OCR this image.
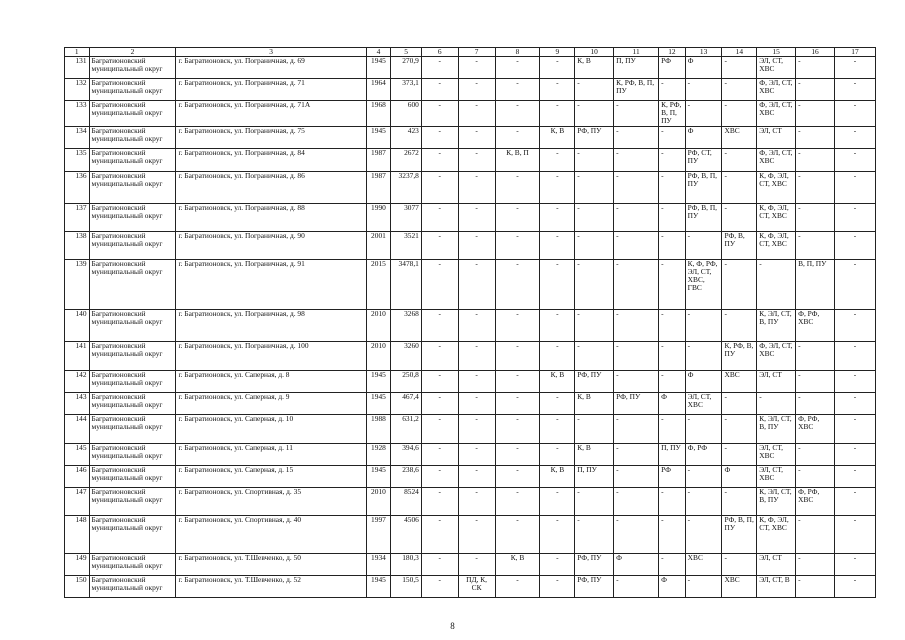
1	2	3	4	5	6	7	8	9	10	11	12	13	14	15	16	17
131	Багратионовский муниципальный округ	г. Багратионовск, ул. Пограничная, д. 69	1945	270,9	-	-	-	-	К, В	П, ПУ	РФ	Ф	-	ЭЛ, СТ, ХВС	-	-
132	Багратионовский муниципальный округ	г. Багратионовск, ул. Пограничная, д. 71	1964	373,1	-	-	-	-	-	К, РФ, В, П, ПУ	-	-	-	Ф, ЭЛ, СТ, ХВС	-	-
133	Багратионовский муниципальный округ	г. Багратионовск, ул. Пограничная, д. 71А	1968	600	-	-	-	-	-	-	К, РФ, В, П, ПУ	-	-	Ф, ЭЛ, СТ, ХВС	-	-
134	Багратионовский муниципальный округ	г. Багратионовск, ул. Пограничная, д. 75	1945	423	-	-	-	К, В	РФ, ПУ	-	-	Ф	ХВС	ЭЛ, СТ	-	-
135	Багратионовский муниципальный округ	г. Багратионовск, ул. Пограничная, д. 84	1987	2672	-	-	К, В, П	-	-	-	-	РФ, СТ, ПУ	-	Ф, ЭЛ, СТ, ХВС	-	-
136	Багратионовский муниципальный округ	г. Багратионовск, ул. Пограничная, д. 86	1987	3237,8	-	-	-	-	-	-	-	РФ, В, П, ПУ	-	К, Ф, ЭЛ, СТ, ХВС	-	-
137	Багратионовский муниципальный округ	г. Багратионовск, ул. Пограничная, д. 88	1990	3077	-	-	-	-	-	-	-	РФ, В, П, ПУ	-	К, Ф, ЭЛ, СТ, ХВС	-	-
138	Багратионовский муниципальный округ	г. Багратионовск, ул. Пограничная, д. 90	2001	3521	-	-	-	-	-	-	-	-	РФ, В, ПУ	К, Ф, ЭЛ, СТ, ХВС	-	-
139	Багратионовский муниципальный округ	г. Багратионовск, ул. Пограничная, д. 91	2015	3478,1	-	-	-	-	-	-	-	К, Ф, РФ, ЭЛ, СТ, ХВС, ГВС	-	-	В, П, ПУ	-
140	Багратионовский муниципальный округ	г. Багратионовск, ул. Пограничная, д. 98	2010	3268	-	-	-	-	-	-	-	-	-	К, ЭЛ, СТ, В, ПУ	Ф, РФ, ХВС	-
141	Багратионовский муниципальный округ	г. Багратионовск, ул. Пограничная, д. 100	2010	3260	-	-	-	-	-	-	-	-	К, РФ, В, ПУ	Ф, ЭЛ, СТ, ХВС	-	-
142	Багратионовский муниципальный округ	г. Багратионовск, ул. Саперная, д. 8	1945	250,8	-	-	-	К, В	РФ, ПУ	-	-	Ф	ХВС	ЭЛ, СТ	-	-
143	Багратионовский муниципальный округ	г. Багратионовск, ул. Саперная, д. 9	1945	467,4	-	-	-	-	К, В	РФ, ПУ	Ф	ЭЛ, СТ, ХВС	-	-	-	-
144	Багратионовский муниципальный округ	г. Багратионовск, ул. Саперная, д. 10	1988	631,2	-	-	-	-	-	-	-	-	-	К, ЭЛ, СТ, В, ПУ	Ф, РФ, ХВС	-
145	Багратионовский муниципальный округ	г. Багратионовск, ул. Саперная, д. 11	1928	394,6	-	-	-	-	К, В	-	П, ПУ	Ф, РФ	-	ЭЛ, СТ, ХВС	-	-
146	Багратионовский муниципальный округ	г. Багратионовск, ул. Саперная, д. 15	1945	238,6	-	-	-	К, В	П, ПУ	-	РФ	-	Ф	ЭЛ, СТ, ХВС	-	-
147	Багратионовский муниципальный округ	г. Багратионовск, ул. Спортивная, д. 35	2010	8524	-	-	-	-	-	-	-	-	-	К, ЭЛ, СТ, В, ПУ	Ф, РФ, ХВС	-
148	Багратионовский муниципальный округ	г. Багратионовск, ул. Спортивная, д. 40	1997	4506	-	-	-	-	-	-	-	-	РФ, В, П, ПУ	К, Ф, ЭЛ, СТ, ХВС	-	-
149	Багратионовский муниципальный округ	г. Багратионовск, ул. Т.Шевченко, д. 50	1934	180,3	-	-	К, В	-	РФ, ПУ	Ф	-	ХВС	-	ЭЛ, СТ	-	-
150	Багратионовский муниципальный округ	г. Багратионовск, ул. Т.Шевченко, д. 52	1945	150,5	-	ПД, К, СК	-	-	РФ, ПУ	-	Ф	-	ХВС	ЭЛ, СТ, В	-	-
8
